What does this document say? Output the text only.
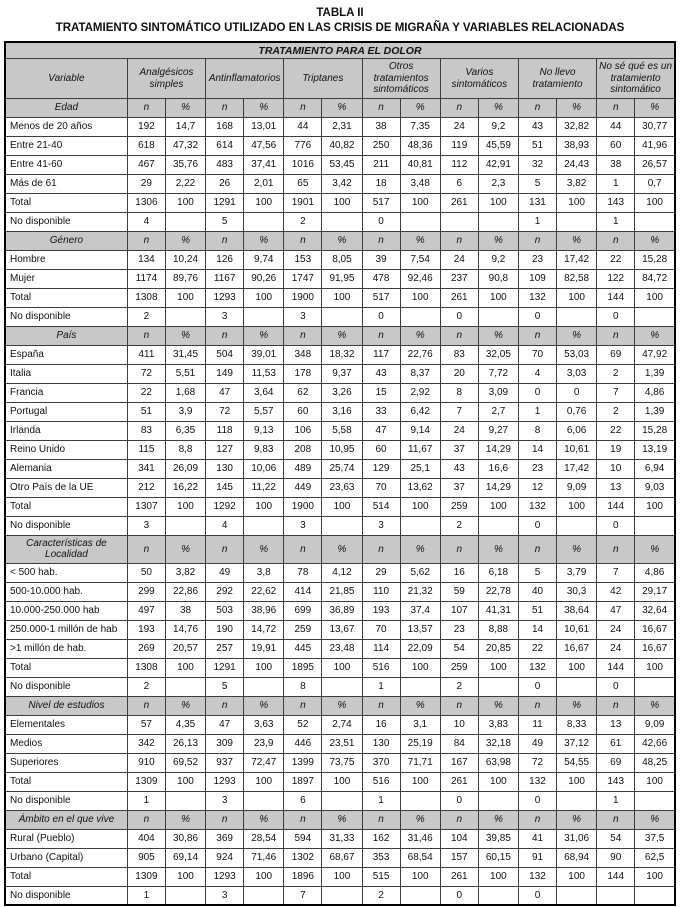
TABLA II
TRATAMIENTO SINTOMÁTICO UTILIZADO EN LAS CRISIS DE MIGRAÑA Y VARIABLES RELACIONADAS
TRATAMIENTO PARA EL DOLOR														
Variable	Analgésicos simples		Antinflamatorios		Triptanes		Otros tratamientos sintomáticos		Varios sintomáticos		No llevo tratamiento		No sé qué es un tratamiento sintomático	
Edad	n	%	n	%	n	%	n	%	n	%	n	%	n	%
Menos de 20 años	192	14,7	168	13,01	44	2,31	38	7,35	24	9,2	43	32,82	44	30,77
Entre 21-40	618	47,32	614	47,56	776	40,82	250	48,36	119	45,59	51	38,93	60	41,96
Entre 41-60	467	35,76	483	37,41	1016	53,45	211	40,81	112	42,91	32	24,43	38	26,57
Más de 61	29	2,22	26	2,01	65	3,42	18	3,48	6	2,3	5	3,82	1	0,7
Total	1306	100	1291	100	1901	100	517	100	261	100	131	100	143	100
No disponible	4		5		2		0				1		1	
Género	n	%	n	%	n	%	n	%	n	%	n	%	n	%
Hombre	134	10,24	126	9,74	153	8,05	39	7,54	24	9,2	23	17,42	22	15,28
Mujer	1174	89,76	1167	90,26	1747	91,95	478	92,46	237	90,8	109	82,58	122	84,72
Total	1308	100	1293	100	1900	100	517	100	261	100	132	100	144	100
No disponible	2		3		3		0		0		0		0	
País	n	%	n	%	n	%	n	%	n	%	n	%	n	%
España	411	31,45	504	39,01	348	18,32	117	22,76	83	32,05	70	53,03	69	47,92
Italia	72	5,51	149	11,53	178	9,37	43	8,37	20	7,72	4	3,03	2	1,39
Francia	22	1,68	47	3,64	62	3,26	15	2,92	8	3,09	0	0	7	4,86
Portugal	51	3,9	72	5,57	60	3,16	33	6,42	7	2,7	1	0,76	2	1,39
Irlanda	83	6,35	118	9,13	106	5,58	47	9,14	24	9,27	8	6,06	22	15,28
Reino Unido	115	8,8	127	9,83	208	10,95	60	11,67	37	14,29	14	10,61	19	13,19
Alemania	341	26,09	130	10,06	489	25,74	129	25,1	43	16,6	23	17,42	10	6,94
Otro País de la UE	212	16,22	145	11,22	449	23,63	70	13,62	37	14,29	12	9,09	13	9,03
Total	1307	100	1292	100	1900	100	514	100	259	100	132	100	144	100
No disponible	3		4		3		3		2		0		0	
Características de Localidad	n	%	n	%	n	%	n	%	n	%	n	%	n	%
< 500 hab.	50	3,82	49	3,8	78	4,12	29	5,62	16	6,18	5	3,79	7	4,86
500-10.000 hab.	299	22,86	292	22,62	414	21,85	110	21,32	59	22,78	40	30,3	42	29,17
10.000-250.000 hab	497	38	503	38,96	699	36,89	193	37,4	107	41,31	51	38,64	47	32,64
250.000-1 millón de hab	193	14,76	190	14,72	259	13,67	70	13,57	23	8,88	14	10,61	24	16,67
>1 millón de hab.	269	20,57	257	19,91	445	23,48	114	22,09	54	20,85	22	16,67	24	16,67
Total	1308	100	1291	100	1895	100	516	100	259	100	132	100	144	100
No disponible	2		5		8		1		2		0		0	
Nivel de estudios	n	%	n	%	n	%	n	%	n	%	n	%	n	%
Elementales	57	4,35	47	3,63	52	2,74	16	3,1	10	3,83	11	8,33	13	9,09
Medios	342	26,13	309	23,9	446	23,51	130	25,19	84	32,18	49	37,12	61	42,66
Superiores	910	69,52	937	72,47	1399	73,75	370	71,71	167	63,98	72	54,55	69	48,25
Total	1309	100	1293	100	1897	100	516	100	261	100	132	100	143	100
No disponible	1		3		6		1		0		0		1	
Ámbito en el que vive	n	%	n	%	n	%	n	%	n	%	n	%	n	%
Rural (Pueblo)	404	30,86	369	28,54	594	31,33	162	31,46	104	39,85	41	31,06	54	37,5
Urbano (Capital)	905	69,14	924	71,46	1302	68,67	353	68,54	157	60,15	91	68,94	90	62,5
Total	1309	100	1293	100	1896	100	515	100	261	100	132	100	144	100
No disponible	1		3		7		2		0		0			
